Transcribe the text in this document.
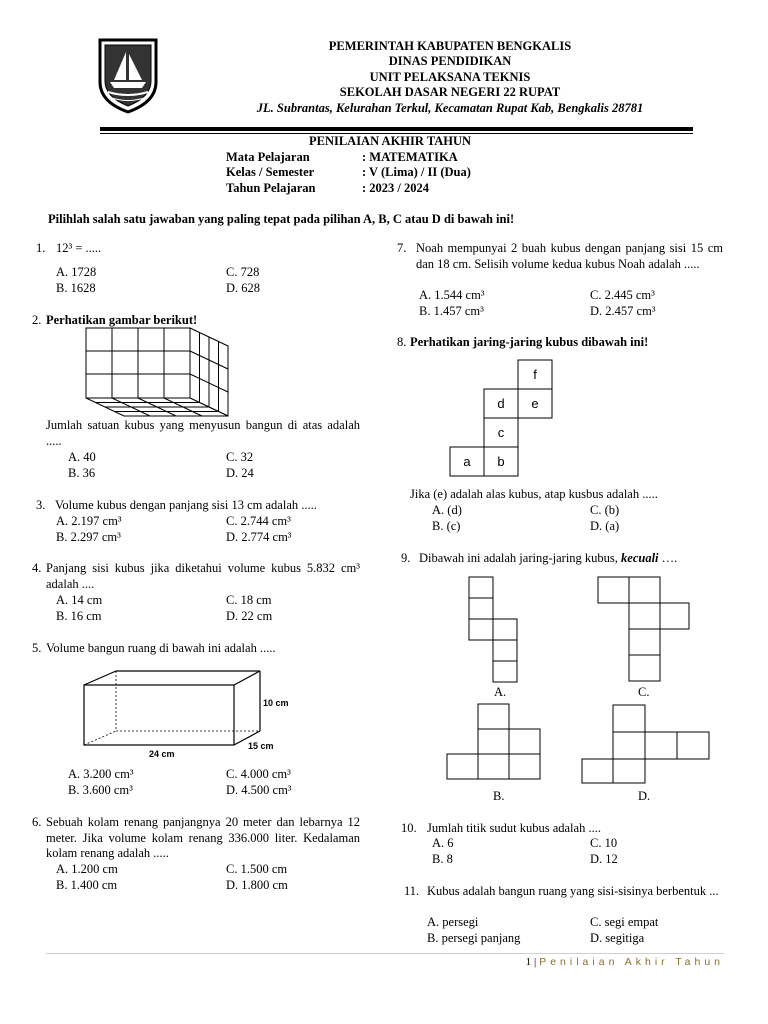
PEMERINTAH KABUPATEN BENGKALIS
DINAS PENDIDIKAN
UNIT PELAKSANA TEKNIS
SEKOLAH DASAR NEGERI 22 RUPAT
JL. Subrantas, Kelurahan Terkul, Kecamatan Rupat Kab, Bengkalis 28781
PENILAIAN AKHIR TAHUN
Mata Pelajaran	: MATEMATIKA
Kelas / Semester	: V (Lima) / II (Dua)
Tahun Pelajaran	: 2023 / 2024
Pilihlah salah satu jawaban yang paling tepat pada pilihan A, B, C atau D di bawah ini!
1. 12³ = .....
A. 1728	C. 728
B. 1628	D. 628
2. Perhatikan gambar berikut!
Jumlah satuan kubus yang menyusun bangun di atas adalah .....
A. 40	C. 32
B. 36	D. 24
3. Volume kubus dengan panjang sisi 13 cm adalah .....
A. 2.197 cm³	C. 2.744 cm³
B. 2.297 cm³	D. 2.774 cm³
4. Panjang sisi kubus jika diketahui volume kubus 5.832 cm³ adalah ....
A. 14 cm	C. 18 cm
B. 16 cm	D. 22 cm
5. Volume bangun ruang di bawah ini adalah .....
10 cm
24 cm
15 cm
A. 3.200 cm³	C. 4.000 cm³
B. 3.600 cm³	D. 4.500 cm³
6. Sebuah kolam renang panjangnya 20 meter dan lebarnya 12 meter. Jika volume kolam renang 336.000 liter. Kedalaman kolam renang adalah .....
A. 1.200 cm	C. 1.500 cm
B. 1.400 cm	D. 1.800 cm
7. Noah mempunyai 2 buah kubus dengan panjang sisi 15 cm dan 18 cm. Selisih volume kedua kubus Noah adalah .....
A. 1.544 cm³	C. 2.445 cm³
B. 1.457 cm³	D. 2.457 cm³
8. Perhatikan jaring-jaring kubus dibawah ini!
f
d e
c
a b
Jika (e) adalah alas kubus, atap kusbus adalah .....
A. (d)	C. (b)
B. (c)	D. (a)
9. Dibawah ini adalah jaring-jaring kubus, kecuali ….
A.	C.
B.	D.
10. Jumlah titik sudut kubus adalah ....
A. 6	C. 10
B. 8	D. 12
11. Kubus adalah bangun ruang yang sisi-sisinya berbentuk ...
A. persegi	C. segi empat
B. persegi panjang	D. segitiga
1 | Penilaian Akhir Tahun
